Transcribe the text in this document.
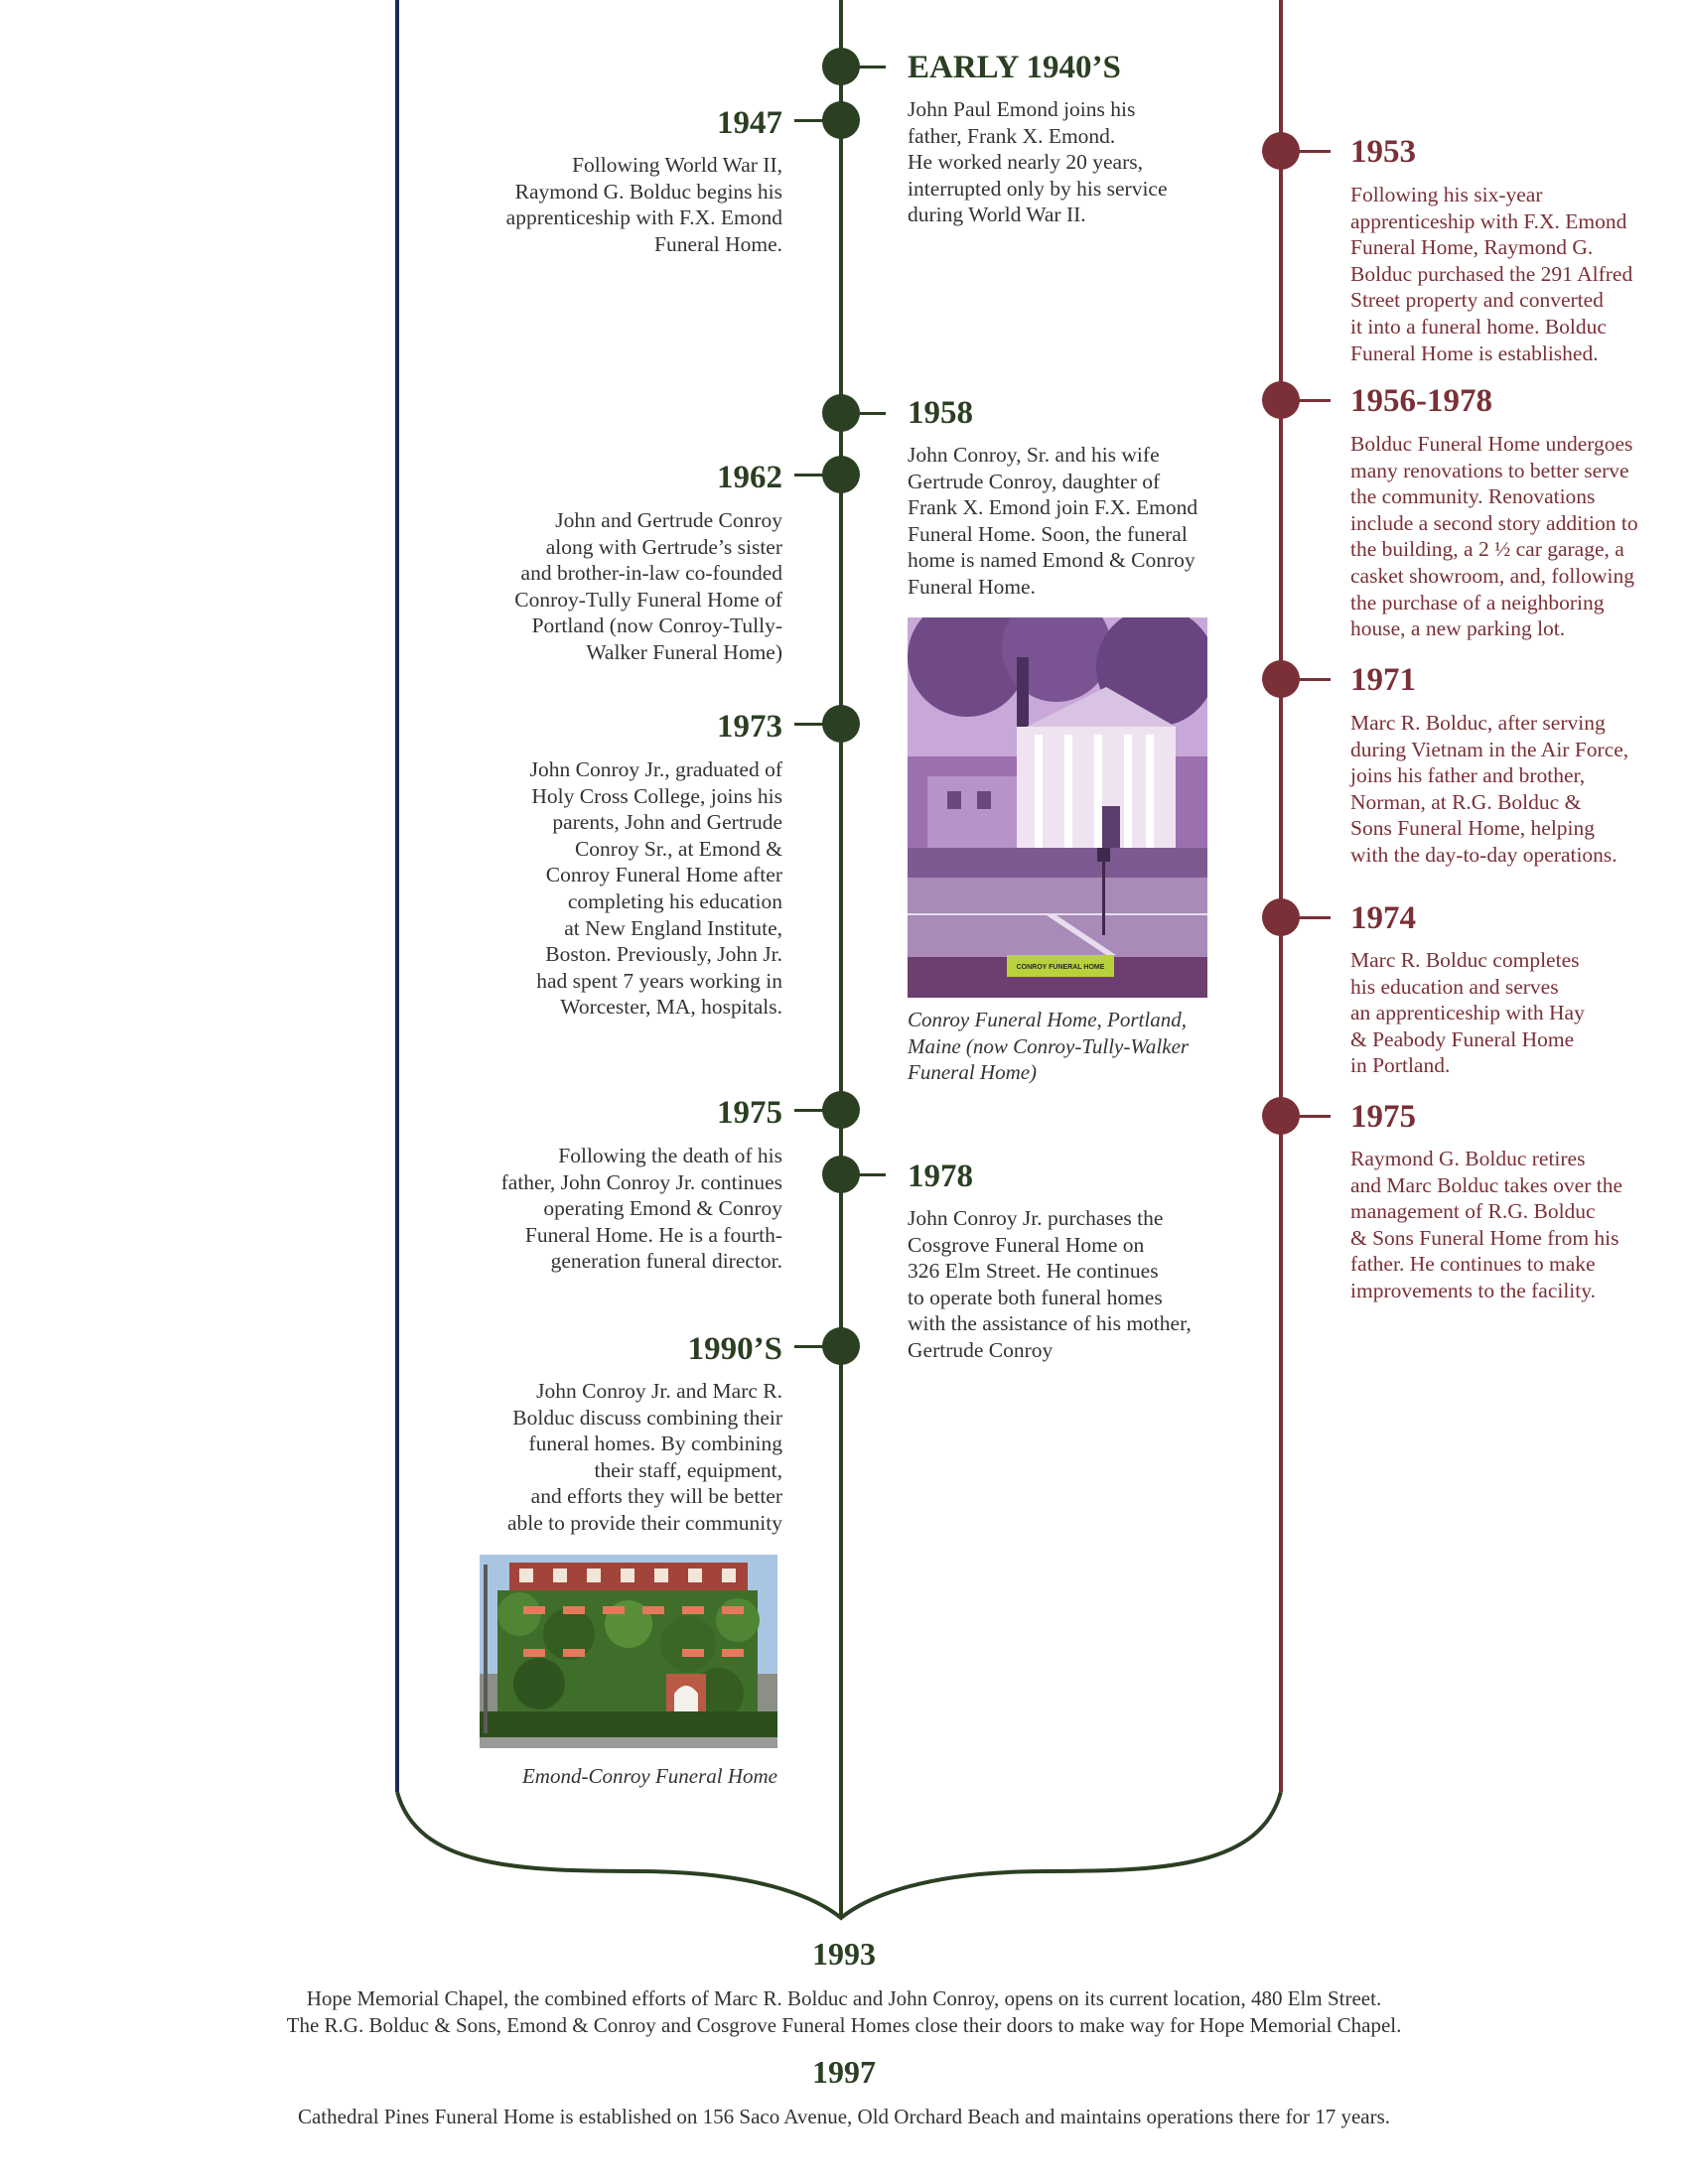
1947
Following World War II,
Raymond G. Bolduc begins his
apprenticeship with F.X. Emond
Funeral Home.
1962
John and Gertrude Conroy
along with Gertrude’s sister
and brother-in-law co-founded
Conroy-Tully Funeral Home of
Portland (now Conroy-Tully-
Walker Funeral Home)
1973
John Conroy Jr., graduated of
Holy Cross College, joins his
parents, John and Gertrude
Conroy Sr., at Emond &
Conroy Funeral Home after
completing his education
at New England Institute,
Boston. Previously, John Jr.
had spent 7 years working in
Worcester, MA, hospitals.
1975
Following the death of his
father, John Conroy Jr. continues
operating Emond & Conroy
Funeral Home. He is a fourth-
generation funeral director.
1990’S
John Conroy Jr. and Marc R.
Bolduc discuss combining their
funeral homes. By combining
their staff, equipment,
and efforts they will be better
able to provide their community
Emond-Conroy Funeral Home
EARLY 1940’S
John Paul Emond joins his
father, Frank X. Emond.
He worked nearly 20 years,
interrupted only by his service
during World War II.
1958
John Conroy, Sr. and his wife
Gertrude Conroy, daughter of
Frank X. Emond join F.X. Emond
Funeral Home. Soon, the funeral
home is named Emond & Conroy
Funeral Home.
CONROY FUNERAL HOME
Conroy Funeral Home, Portland,
Maine (now Conroy-Tully-Walker
Funeral Home)
1978
John Conroy Jr. purchases the
Cosgrove Funeral Home on
326 Elm Street. He continues
to operate both funeral homes
with the assistance of his mother,
Gertrude Conroy
1953
Following his six-year
apprenticeship with F.X. Emond
Funeral Home, Raymond G.
Bolduc purchased the 291 Alfred
Street property and converted
it into a funeral home. Bolduc
Funeral Home is established.
1956-1978
Bolduc Funeral Home undergoes
many renovations to better serve
the community. Renovations
include a second story addition to
the building, a 2 ½ car garage, a
casket showroom, and, following
the purchase of a neighboring
house, a new parking lot.
1971
Marc R. Bolduc, after serving
during Vietnam in the Air Force,
joins his father and brother,
Norman, at R.G. Bolduc &
Sons Funeral Home, helping
with the day-to-day operations.
1974
Marc R. Bolduc completes
his education and serves
an apprenticeship with Hay
& Peabody Funeral Home
in Portland.
1975
Raymond G. Bolduc retires
and Marc Bolduc takes over the
management of R.G. Bolduc
& Sons Funeral Home from his
father. He continues to make
improvements to the facility.
1993
Hope Memorial Chapel, the combined efforts of Marc R. Bolduc and John Conroy, opens on its current location, 480 Elm Street.
The R.G. Bolduc & Sons, Emond & Conroy and Cosgrove Funeral Homes close their doors to make way for Hope Memorial Chapel.
1997
Cathedral Pines Funeral Home is established on 156 Saco Avenue, Old Orchard Beach and maintains operations there for 17 years.
